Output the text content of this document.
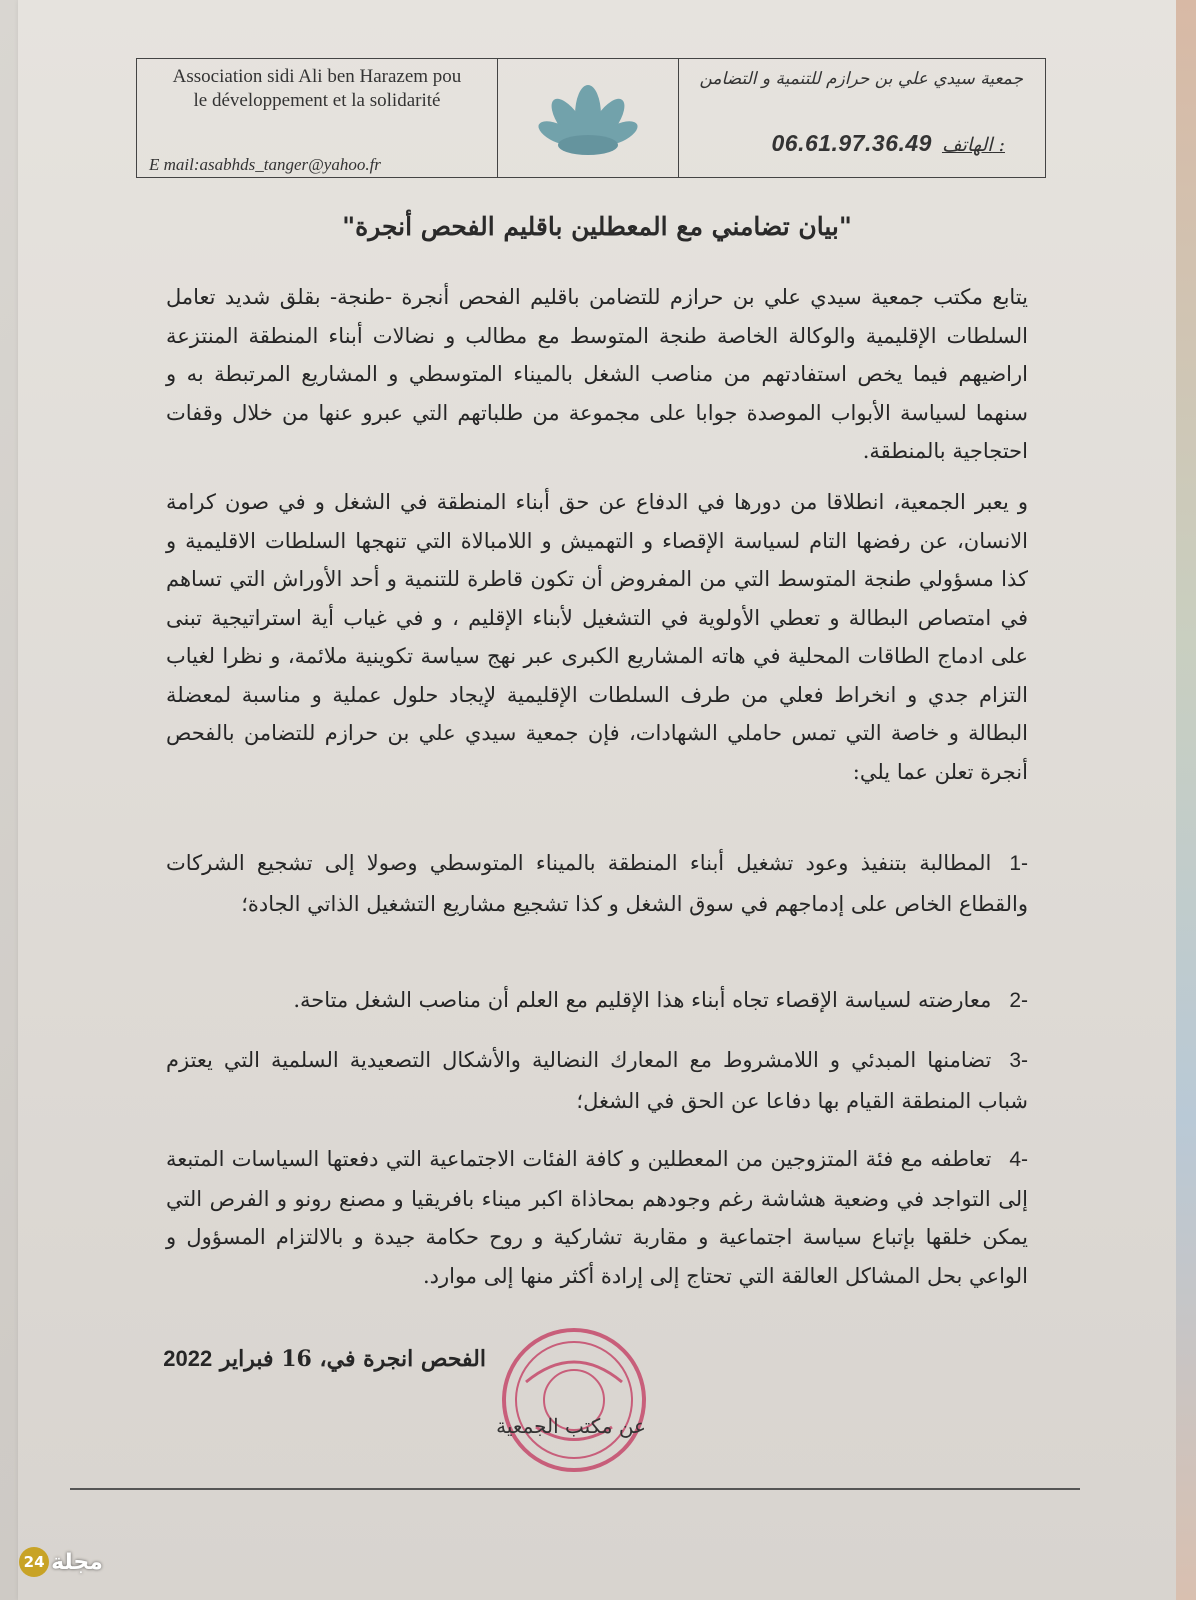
Association sidi Ali ben Harazem pou le développement et la solidarité
E mail:asabhds_tanger@yahoo.fr
جمعية سيدي علي بن حرازم للتنمية و التضامن
06.61.97.36.49 الهاتف :
"بيان تضامني مع المعطلين باقليم الفحص أنجرة"
يتابع مكتب جمعية سيدي علي بن حرازم للتضامن باقليم الفحص أنجرة -طنجة- بقلق شديد تعامل السلطات الإقليمية والوكالة الخاصة طنجة المتوسط مع مطالب و نضالات أبناء المنطقة المنتزعة اراضيهم فيما يخص استفادتهم من مناصب الشغل بالميناء المتوسطي و المشاريع المرتبطة به و سنهما لسياسة الأبواب الموصدة جوابا على مجموعة من طلباتهم التي عبرو عنها من خلال وقفات احتجاجية بالمنطقة.
و يعبر الجمعية، انطلاقا من دورها في الدفاع عن حق أبناء المنطقة في الشغل و في صون كرامة الانسان، عن رفضها التام لسياسة الإقصاء و التهميش و اللامبالاة التي تنهجها السلطات الاقليمية و كذا مسؤولي طنجة المتوسط التي من المفروض أن تكون قاطرة للتنمية و أحد الأوراش التي تساهم في امتصاص البطالة و تعطي الأولوية في التشغيل لأبناء الإقليم ، و في غياب أية استراتيجية تبنى على ادماج الطاقات المحلية في هاته المشاريع الكبرى عبر نهج سياسة تكوينية ملائمة، و نظرا لغياب التزام جدي و انخراط فعلي من طرف السلطات الإقليمية لإيجاد حلول عملية و مناسبة لمعضلة البطالة و خاصة التي تمس حاملي الشهادات، فإن جمعية سيدي علي بن حرازم للتضامن بالفحص أنجرة تعلن عما يلي:
-1المطالبة بتنفيذ وعود تشغيل أبناء المنطقة بالميناء المتوسطي وصولا إلى تشجيع الشركات والقطاع الخاص على إدماجهم في سوق الشغل و كذا تشجيع مشاريع التشغيل الذاتي الجادة؛
-2معارضته لسياسة الإقصاء تجاه أبناء هذا الإقليم مع العلم أن مناصب الشغل متاحة.
-3تضامنها المبدئي و اللامشروط مع المعارك النضالية والأشكال التصعيدية السلمية التي يعتزم شباب المنطقة القيام بها دفاعا عن الحق في الشغل؛
-4تعاطفه مع فئة المتزوجين من المعطلين و كافة الفئات الاجتماعية التي دفعتها السياسات المتبعة إلى التواجد في وضعية هشاشة رغم وجودهم بمحاذاة اكبر ميناء بافريقيا و مصنع رونو و الفرص التي يمكن خلقها بإتباع سياسة اجتماعية و مقاربة تشاركية و روح حكامة جيدة و بالالتزام المسؤول و الواعي بحل المشاكل العالقة التي تحتاج إلى إرادة أكثر منها إلى موارد.
الفحص انجرة في، 16 فبراير 2022
عن مكتب الجمعية
مجلة
24
